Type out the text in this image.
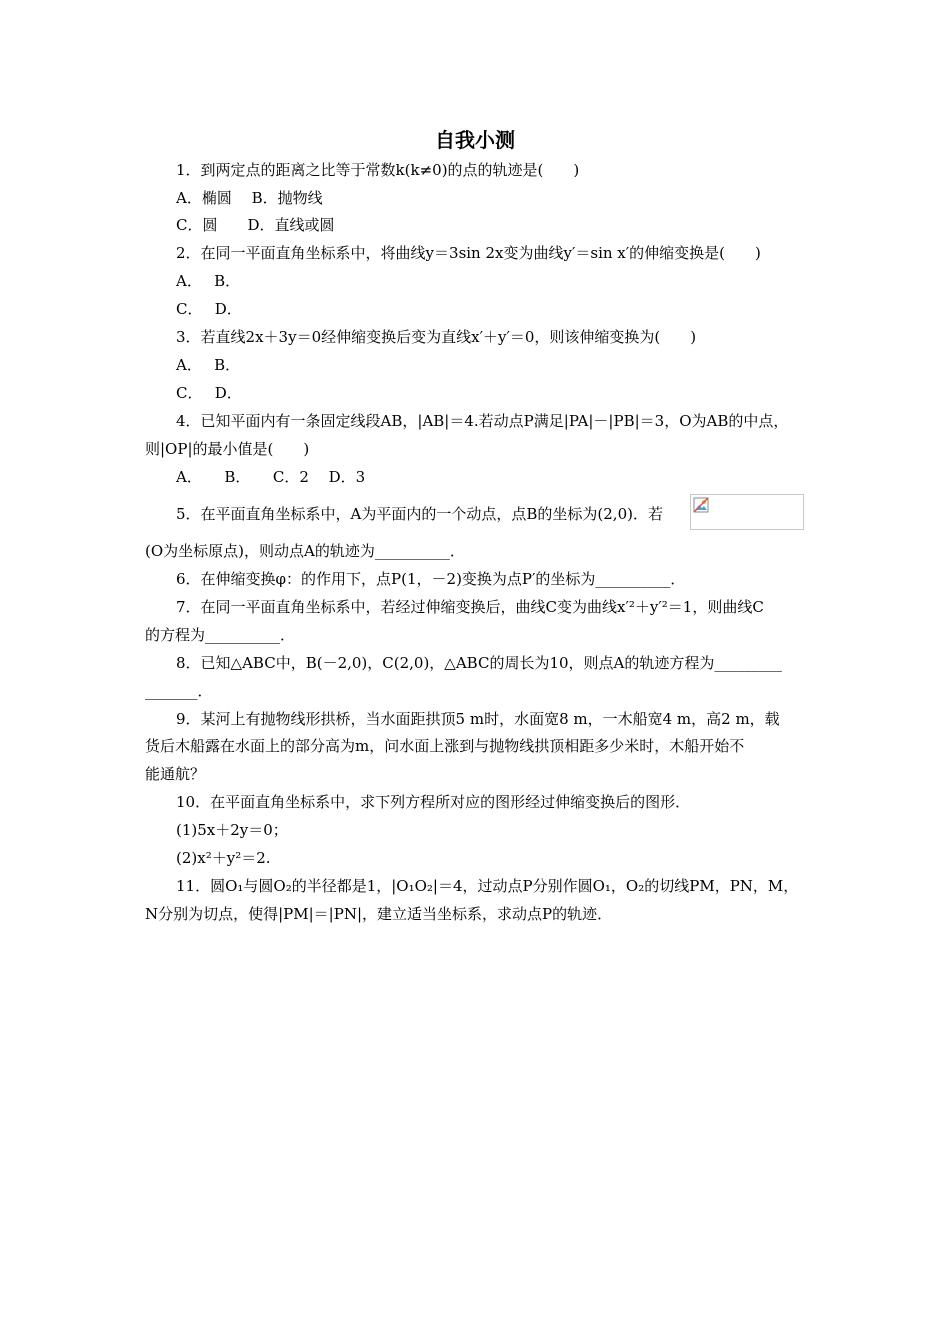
自我小测
1．到两定点的距离之比等于常数k(k≠0)的点的轨迹是(　　)
A．椭圆　 B．抛物线
C．圆　　D．直线或圆
2．在同一平面直角坐标系中，将曲线y＝3sin 2x变为曲线y′＝sin x′的伸缩变换是(　　)
A．　 B．
C．　 D．
3．若直线2x＋3y＝0经伸缩变换后变为直线x′＋y′＝0，则该伸缩变换为(　　)
A．　 B．
C．　 D．
4．已知平面内有一条固定线段AB，|AB|＝4.若动点P满足|PA|－|PB|＝3，O为AB的中点，
则|OP|的最小值是(　　)
A．　　B．　　C．2　 D．3
5．在平面直角坐标系中，A为平面内的一个动点，点B的坐标为(2,0)．若
(O为坐标原点)，则动点A的轨迹为__________．
6．在伸缩变换φ：的作用下，点P(1，－2)变换为点P′的坐标为__________．
7．在同一平面直角坐标系中，若经过伸缩变换后，曲线C变为曲线x′²＋y′²＝1，则曲线C
的方程为__________．
8．已知△ABC中，B(－2,0)，C(2,0)，△ABC的周长为10，则点A的轨迹方程为_________
_______．
9．某河上有抛物线形拱桥，当水面距拱顶5 m时，水面宽8 m，一木船宽4 m，高2 m，载
货后木船露在水面上的部分高为m，问水面上涨到与抛物线拱顶相距多少米时，木船开始不
能通航？
10．在平面直角坐标系中，求下列方程所对应的图形经过伸缩变换后的图形．
(1)5x＋2y＝0；
(2)x²＋y²＝2.
11．圆O₁与圆O₂的半径都是1，|O₁O₂|＝4，过动点P分别作圆O₁，O₂的切线PM，PN，M，
N分别为切点，使得|PM|＝|PN|，建立适当坐标系，求动点P的轨迹．
